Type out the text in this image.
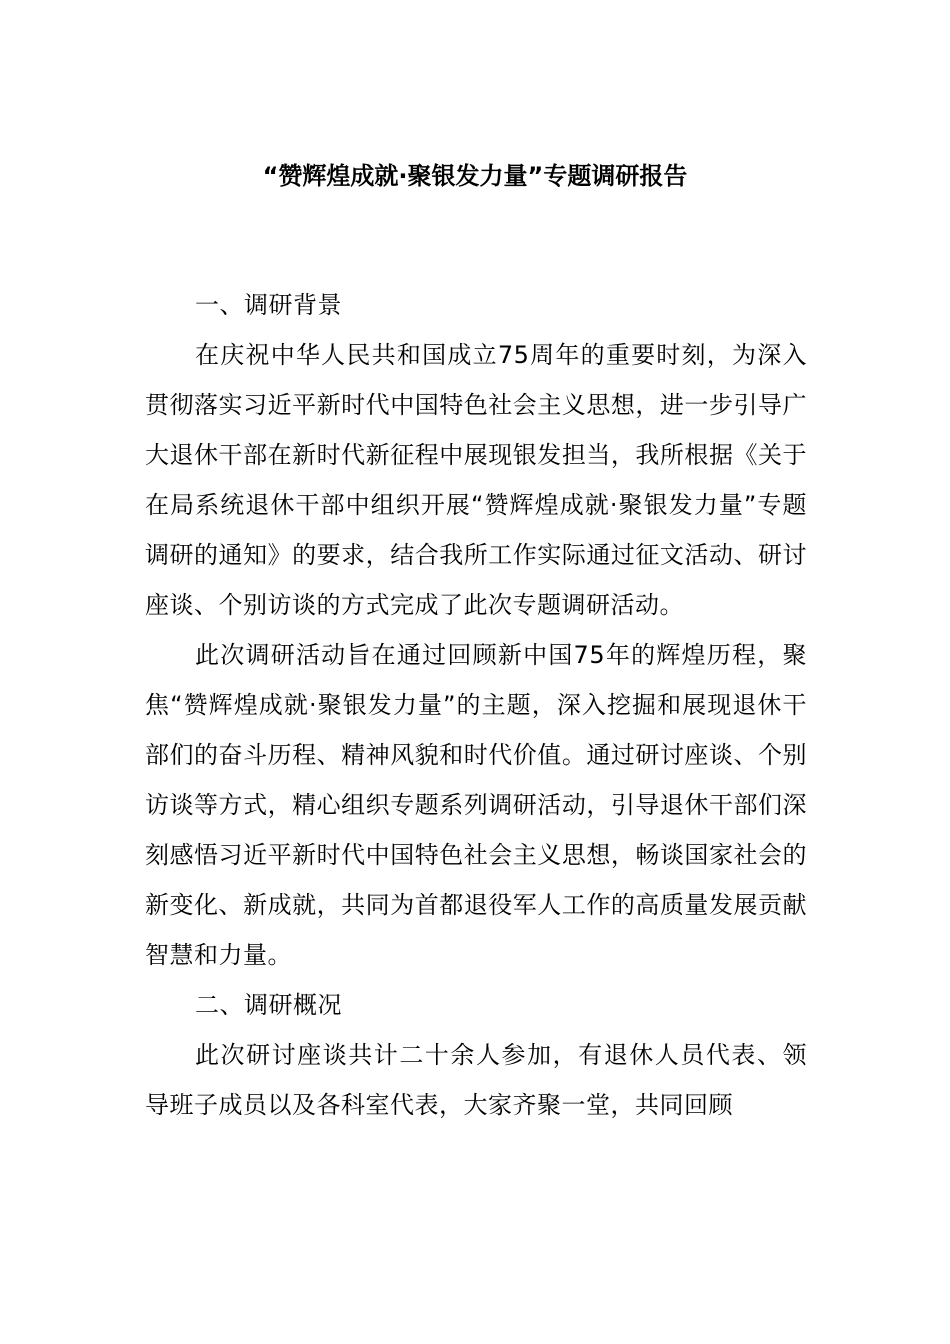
“赞辉煌成就·聚银发力量”专题调研报告

一、调研背景

在庆祝中华人民共和国成立75周年的重要时刻，为深入贯彻落实习近平新时代中国特色社会主义思想，进一步引导广大退休干部在新时代新征程中展现银发担当，我所根据《关于在局系统退休干部中组织开展“赞辉煌成就·聚银发力量”专题调研的通知》的要求，结合我所工作实际通过征文活动、研讨座谈、个别访谈的方式完成了此次专题调研活动。

此次调研活动旨在通过回顾新中国75年的辉煌历程，聚焦“赞辉煌成就·聚银发力量”的主题，深入挖掘和展现退休干部们的奋斗历程、精神风貌和时代价值。通过研讨座谈、个别访谈等方式，精心组织专题系列调研活动，引导退休干部们深刻感悟习近平新时代中国特色社会主义思想，畅谈国家社会的新变化、新成就，共同为首都退役军人工作的高质量发展贡献智慧和力量。

二、调研概况

此次研讨座谈共计二十余人参加，有退休人员代表、领导班子成员以及各科室代表，大家齐聚一堂，共同回顾
